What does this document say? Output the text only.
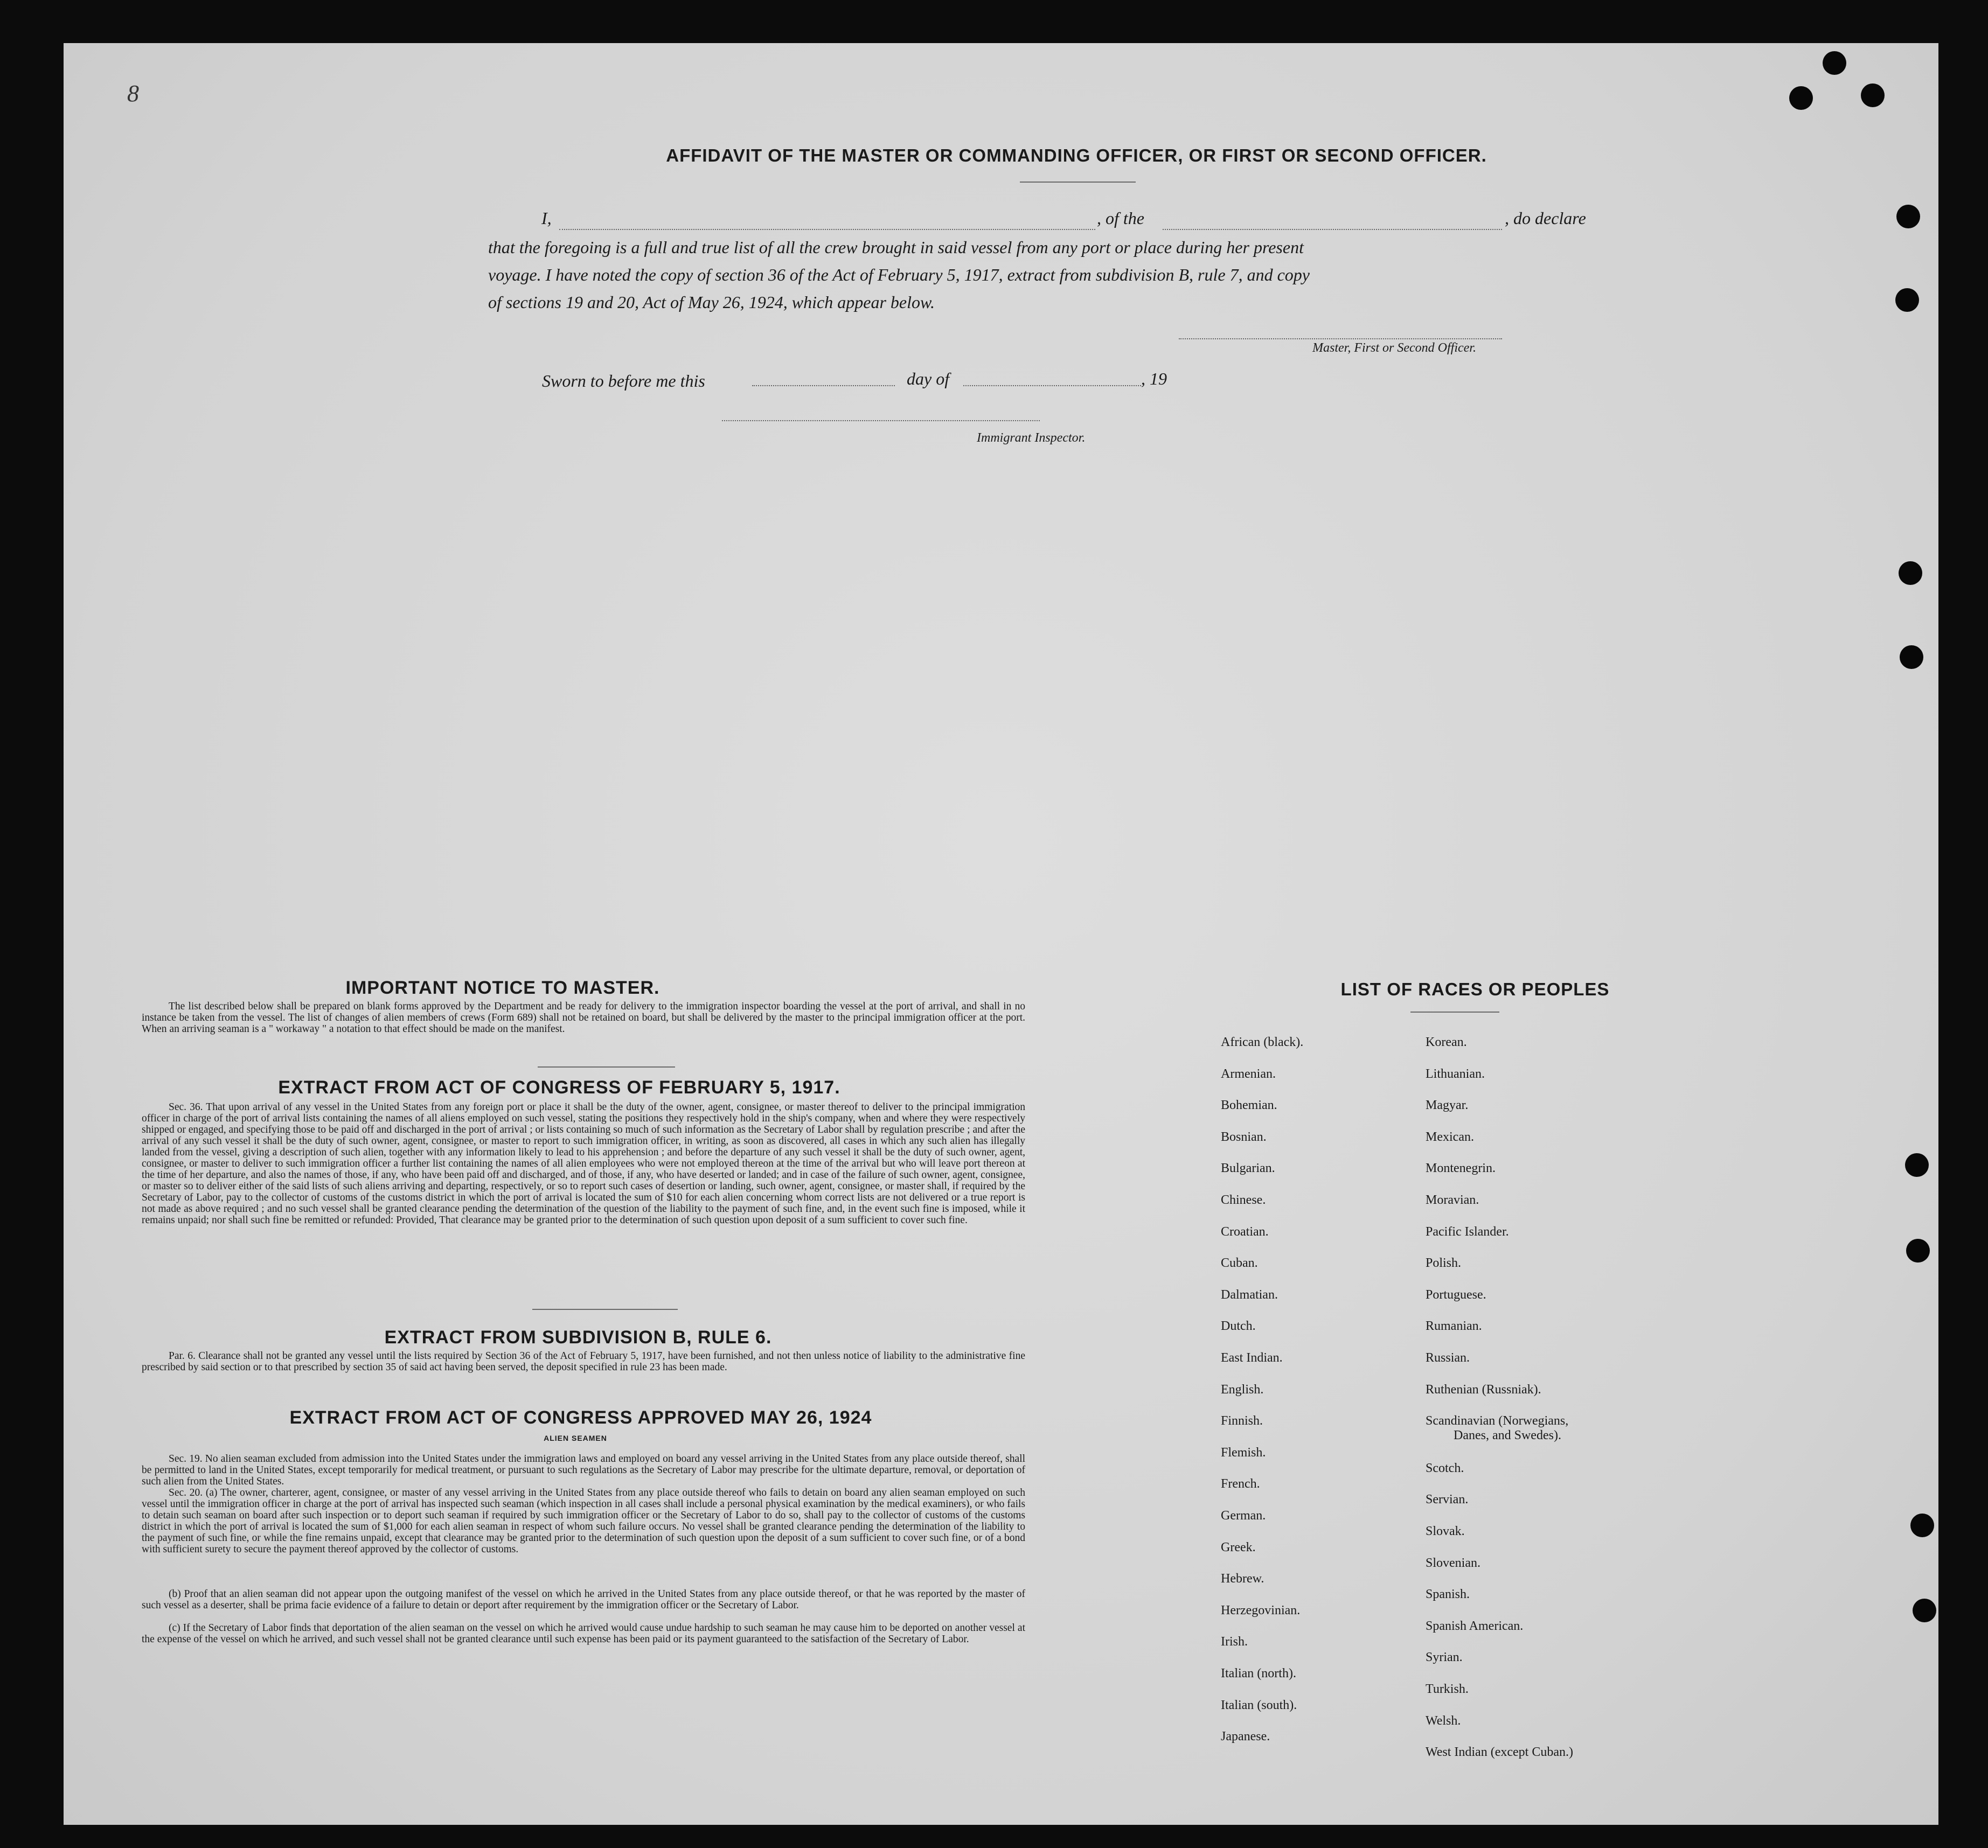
8
AFFIDAVIT OF THE MASTER OR COMMANDING OFFICER, OR FIRST OR SECOND OFFICER.
I,	, of the	, do declare
that the foregoing is a full and true list of all the crew brought in said vessel from any port or place during her present
voyage. I have noted the copy of section 36 of the Act of February 5, 1917, extract from subdivision B, rule 7, and copy
of sections 19 and 20, Act of May 26, 1924, which appear below.
Master, First or Second Officer.
Sworn to before me this	day of	, 19
Immigrant Inspector.
IMPORTANT NOTICE TO MASTER.
The list described below shall be prepared on blank forms approved by the Department and be ready for delivery to the immigration inspector boarding the vessel at the port of arrival, and shall in no instance be taken from the vessel. The list of changes of alien members of crews (Form 689) shall not be retained on board, but shall be delivered by the master to the principal immigration officer at the port. When an arriving seaman is a " workaway " a notation to that effect should be made on the manifest.
EXTRACT FROM ACT OF CONGRESS OF FEBRUARY 5, 1917.
Sec. 36. That upon arrival of any vessel in the United States from any foreign port or place it shall be the duty of the owner, agent, consignee, or master thereof to deliver to the principal immigration officer in charge of the port of arrival lists containing the names of all aliens employed on such vessel, stating the positions they respectively hold in the ship's company, when and where they were respectively shipped or engaged, and specifying those to be paid off and discharged in the port of arrival ; or lists containing so much of such information as the Secretary of Labor shall by regulation prescribe ; and after the arrival of any such vessel it shall be the duty of such owner, agent, consignee, or master to report to such immigration officer, in writing, as soon as discovered, all cases in which any such alien has illegally landed from the vessel, giving a description of such alien, together with any information likely to lead to his apprehension ; and before the departure of any such vessel it shall be the duty of such owner, agent, consignee, or master to deliver to such immigration officer a further list containing the names of all alien employees who were not employed thereon at the time of the arrival but who will leave port thereon at the time of her departure, and also the names of those, if any, who have been paid off and discharged, and of those, if any, who have deserted or landed; and in case of the failure of such owner, agent, consignee, or master so to deliver either of the said lists of such aliens arriving and departing, respectively, or so to report such cases of desertion or landing, such owner, agent, consignee, or master shall, if required by the Secretary of Labor, pay to the collector of customs of the customs district in which the port of arrival is located the sum of $10 for each alien concerning whom correct lists are not delivered or a true report is not made as above required ; and no such vessel shall be granted clearance pending the determination of the question of the liability to the payment of such fine, and, in the event such fine is imposed, while it remains unpaid; nor shall such fine be remitted or refunded: Provided, That clearance may be granted prior to the determination of such question upon deposit of a sum sufficient to cover such fine.
EXTRACT FROM SUBDIVISION B, RULE 6.
Par. 6. Clearance shall not be granted any vessel until the lists required by Section 36 of the Act of February 5, 1917, have been furnished, and not then unless notice of liability to the administrative fine prescribed by said section or to that prescribed by section 35 of said act having been served, the deposit specified in rule 23 has been made.
EXTRACT FROM ACT OF CONGRESS APPROVED MAY 26, 1924
ALIEN SEAMEN
Sec. 19. No alien seaman excluded from admission into the United States under the immigration laws and employed on board any vessel arriving in the United States from any place outside thereof, shall be permitted to land in the United States, except temporarily for medical treatment, or pursuant to such regulations as the Secretary of Labor may prescribe for the ultimate departure, removal, or deportation of such alien from the United States.
Sec. 20. (a) The owner, charterer, agent, consignee, or master of any vessel arriving in the United States from any place outside thereof who fails to detain on board any alien seaman employed on such vessel until the immigration officer in charge at the port of arrival has inspected such seaman (which inspection in all cases shall include a personal physical examination by the medical examiners), or who fails to detain such seaman on board after such inspection or to deport such seaman if required by such immigration officer or the Secretary of Labor to do so, shall pay to the collector of customs of the customs district in which the port of arrival is located the sum of $1,000 for each alien seaman in respect of whom such failure occurs. No vessel shall be granted clearance pending the determination of the liability to the payment of such fine, or while the fine remains unpaid, except that clearance may be granted prior to the determination of such question upon the deposit of a sum sufficient to cover such fine, or of a bond with sufficient surety to secure the payment thereof approved by the collector of customs.
(b) Proof that an alien seaman did not appear upon the outgoing manifest of the vessel on which he arrived in the United States from any place outside thereof, or that he was reported by the master of such vessel as a deserter, shall be prima facie evidence of a failure to detain or deport after requirement by the immigration officer or the Secretary of Labor.
(c) If the Secretary of Labor finds that deportation of the alien seaman on the vessel on which he arrived would cause undue hardship to such seaman he may cause him to be deported on another vessel at the expense of the vessel on which he arrived, and such vessel shall not be granted clearance until such expense has been paid or its payment guaranteed to the satisfaction of the Secretary of Labor.
LIST OF RACES OR PEOPLES
African (black).
Armenian.
Bohemian.
Bosnian.
Bulgarian.
Chinese.
Croatian.
Cuban.
Dalmatian.
Dutch.
East Indian.
English.
Finnish.
Flemish.
French.
German.
Greek.
Hebrew.
Herzegovinian.
Irish.
Italian (north).
Italian (south).
Japanese.
Korean.
Lithuanian.
Magyar.
Mexican.
Montenegrin.
Moravian.
Pacific Islander.
Polish.
Portuguese.
Rumanian.
Russian.
Ruthenian (Russniak).
Scandinavian (Norwegians,
Danes, and Swedes).
Scotch.
Servian.
Slovak.
Slovenian.
Spanish.
Spanish American.
Syrian.
Turkish.
Welsh.
West Indian (except Cuban.)
